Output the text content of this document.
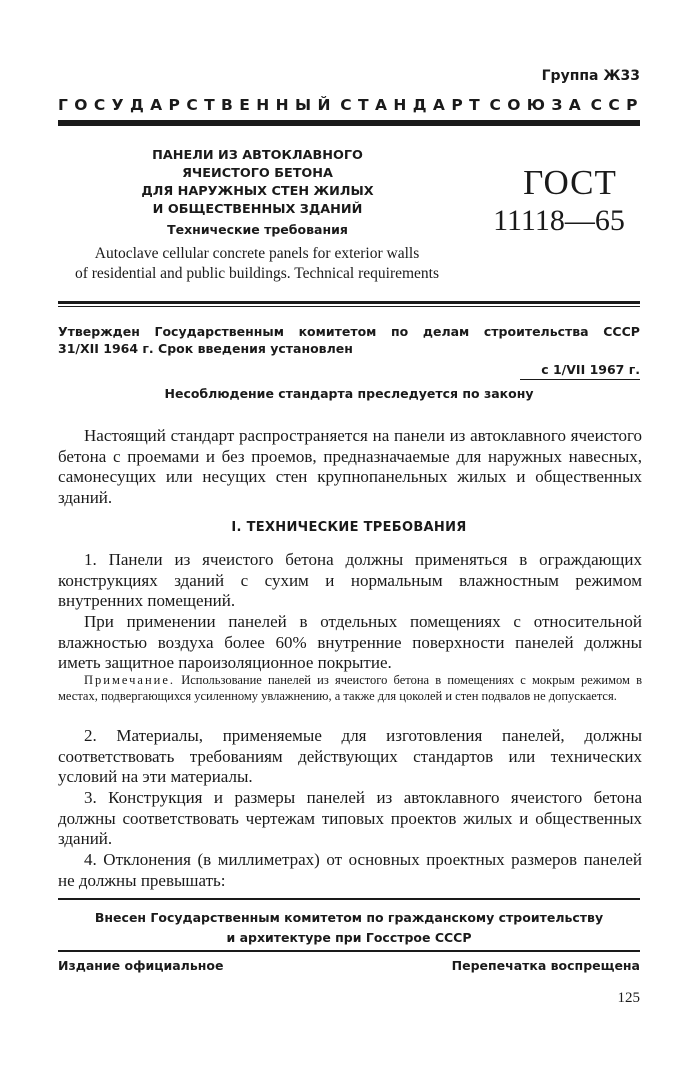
Группа Ж33
Г О С У Д А Р С Т В Е Н Н Ы Й С Т А Н Д А Р Т С О Ю З А С С Р
ПАНЕЛИ ИЗ АВТОКЛАВНОГО
ЯЧЕИСТОГО БЕТОНА
ДЛЯ НАРУЖНЫХ СТЕН ЖИЛЫХ
И ОБЩЕСТВЕННЫХ ЗДАНИЙ
Технические требования
Autoclave cellular concrete panels for exterior walls
of residential and public buildings. Technical requirements
ГОСТ
11118—65
Утвержден Государственным комитетом по делам строительства СССР
31/XII 1964 г. Срок введения установлен
с 1/VII 1967 г.
Несоблюдение стандарта преследуется по закону
Настоящий стандарт распространяется на панели из автоклавного ячеистого бетона с проемами и без проемов, предназначаемые для наружных навесных, самонесущих или несущих стен крупнопанельных жилых и общественных зданий.
I. ТЕХНИЧЕСКИЕ ТРЕБОВАНИЯ
1. Панели из ячеистого бетона должны применяться в ограждающих конструкциях зданий с сухим и нормальным влажностным режимом внутренних помещений.
При применении панелей в отдельных помещениях с относительной влажностью воздуха более 60% внутренние поверхности панелей должны иметь защитное пароизоляционное покрытие.
Примечание. Использование панелей из ячеистого бетона в помещениях с мокрым режимом в местах, подвергающихся усиленному увлажнению, а также для цоколей и стен подвалов не допускается.
2. Материалы, применяемые для изготовления панелей, должны соответствовать требованиям действующих стандартов или технических условий на эти материалы.
3. Конструкция и размеры панелей из автоклавного ячеистого бетона должны соответствовать чертежам типовых проектов жилых и общественных зданий.
4. Отклонения (в миллиметрах) от основных проектных размеров панелей не должны превышать:
Внесен Государственным комитетом по гражданскому строительству
и архитектуре при Госстрое СССР
Издание официальное	Перепечатка воспрещена
125
